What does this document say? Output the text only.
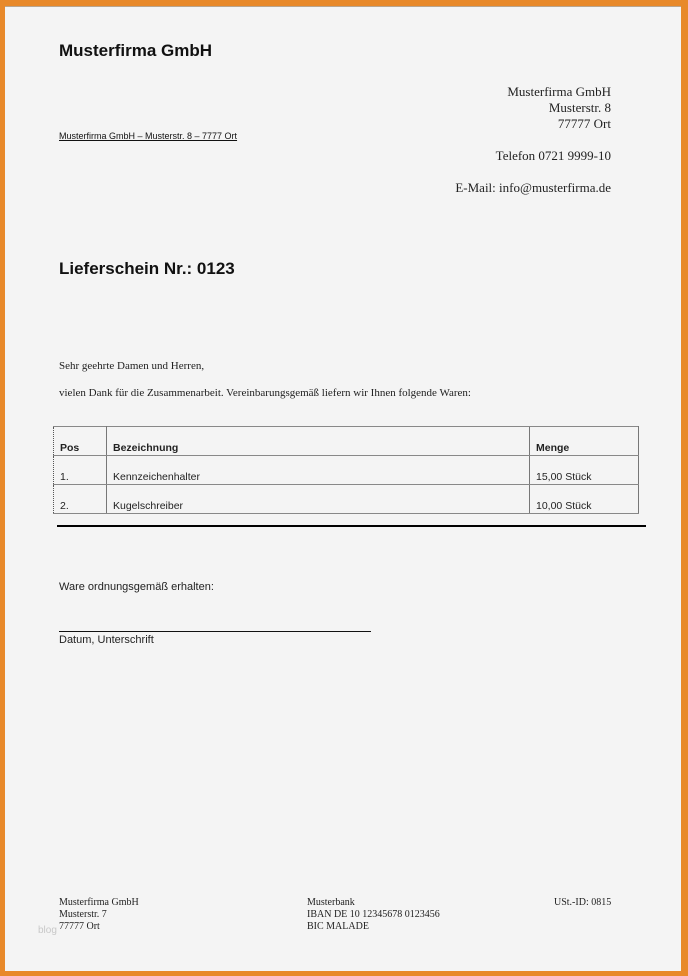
Musterfirma GmbH
Musterfirma GmbH – Musterstr. 8 – 7777 Ort
Musterfirma GmbH
Musterstr. 8
77777 Ort
Telefon 0721 9999-10
E-Mail: info@musterfirma.de
Lieferschein Nr.: 0123
Sehr geehrte Damen und Herren,
vielen Dank für die Zusammenarbeit. Vereinbarungsgemäß liefern wir Ihnen folgende Waren:
Pos	Bezeichnung	Menge
1.	Kennzeichenhalter	15,00 Stück
2.	Kugelschreiber	10,00 Stück
Ware ordnungsgemäß erhalten:
Datum, Unterschrift
Musterfirma GmbH
Musterstr. 7
77777 Ort
Musterbank
IBAN DE 10 12345678 0123456
BIC MALADE
USt.-ID: 0815
blog
